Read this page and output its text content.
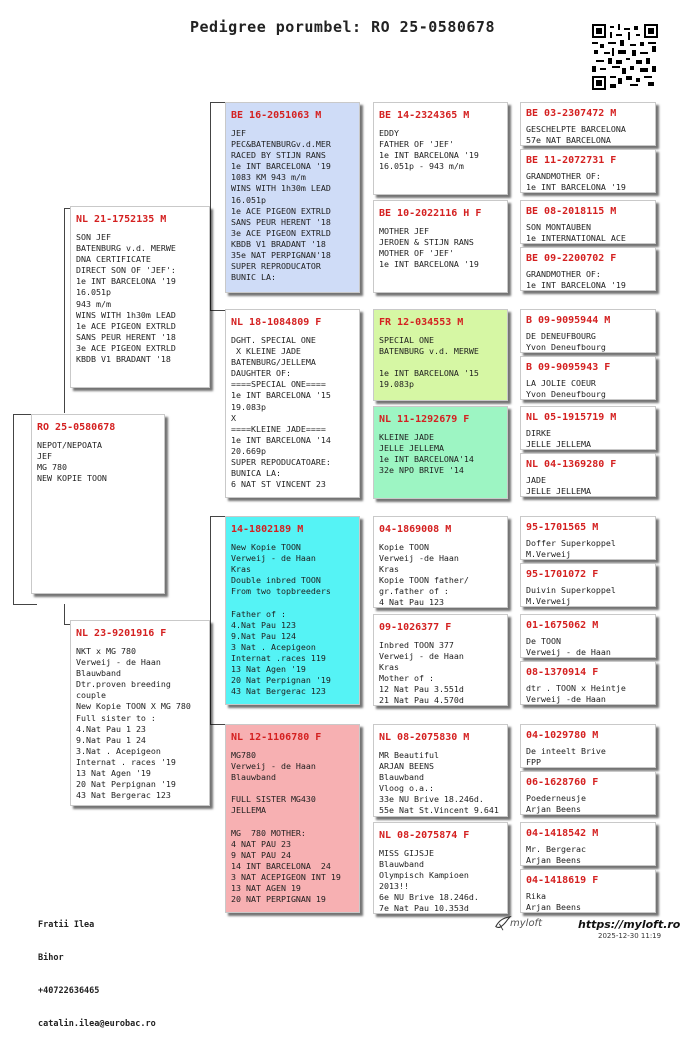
Pedigree porumbel: RO 25-0580678
RO 25-0580678
NEPOT/NEPOATA
JEF
MG 780
NEW KOPIE TOON
NL 21-1752135 M
SON JEF
BATENBURG v.d. MERWE
DNA CERTIFICATE
DIRECT SON OF 'JEF':
1e INT BARCELONA '19
16.051p
943 m/m
WINS WITH 1h30m LEAD
1e ACE PIGEON EXTRLD
SANS PEUR HERENT '18
3e ACE PIGEON EXTRLD
KBDB V1 BRADANT '18
NL 23-9201916 F
NKT x MG 780
Verweij - de Haan
Blauwband
Dtr.proven breeding
couple
New Kopie TOON X MG 780
Full sister to :
4.Nat Pau 1 23
9.Nat Pau 1 24
3.Nat . Acepigeon
Internat . races '19
13 Nat Agen '19
20 Nat Perpignan '19
43 Nat Bergerac 123
BE 16-2051063 M
JEF
PEC&BATENBURGv.d.MER
RACED BY STIJN RANS
1e INT BARCELONA '19
1083 KM 943 m/m
WINS WITH 1h30m LEAD
16.051p
1e ACE PIGEON EXTRLD
SANS PEUR HERENT '18
3e ACE PIGEON EXTRLD
KBDB V1 BRADANT '18
35e NAT PERPIGNAN'18
SUPER REPRODUCATOR
BUNIC LA:
NL 18-1084809 F
DGHT. SPECIAL ONE
X KLEINE JADE
BATENBURG/JELLEMA
DAUGHTER OF:
====SPECIAL ONE====
1e INT BARCELONA '15
19.083p
X
====KLEINE JADE====
1e INT BARCELONA '14
20.669p
SUPER REPODUCATOARE:
BUNICA LA:
6 NAT ST VINCENT 23
14-1802189 M
New Kopie TOON
Verweij - de Haan
Kras
Double inbred TOON
From two topbreeders

Father of :
4.Nat Pau 123
9.Nat Pau 124
3 Nat . Acepigeon
Internat .races 119
13 Nat Agen '19
20 Nat Perpignan '19
43 Nat Bergerac 123
NL 12-1106780 F
MG780
Verweij - de Haan
Blauwband

FULL SISTER MG430
JELLEMA

MG  780 MOTHER:
4 NAT PAU 23
9 NAT PAU 24
14 INT BARCELONA  24
3 NAT ACEPIGEON INT 19
13 NAT AGEN 19
20 NAT PERPIGNAN 19
BE 14-2324365 M
EDDY
FATHER OF 'JEF'
1e INT BARCELONA '19
16.051p - 943 m/m
BE 10-2022116 H F
MOTHER JEF
JEROEN & STIJN RANS
MOTHER OF 'JEF'
1e INT BARCELONA '19
FR 12-034553 M
SPECIAL ONE
BATENBURG v.d. MERWE

1e INT BARCELONA '15
19.083p
NL 11-1292679 F
KLEINE JADE
JELLE JELLEMA
1e INT BARCELONA'14
32e NPO BRIVE '14
04-1869008 M
Kopie TOON
Verweij -de Haan
Kras
Kopie TOON father/
gr.father of :
4 Nat Pau 123
09-1026377 F
Inbred TOON 377
Verweij - de Haan
Kras
Mother of :
12 Nat Pau 3.551d
21 Nat Pau 4.570d
NL 08-2075830 M
MR Beautiful
ARJAN BEENS
Blauwband
Vloog o.a.:
33e NU Brive 18.246d.
55e Nat St.Vincent 9.641
NL 08-2075874 F
MISS GIJSJE
Blauwband
Olympisch Kampioen
2013!!
6e NU Brive 18.246d.
7e Nat Pau 10.353d
BE 03-2307472 M
GESCHELPTE BARCELONA
57e NAT BARCELONA
BE 11-2072731 F
GRANDMOTHER OF:
1e INT BARCELONA '19
BE 08-2018115 M
SON MONTAUBEN
1e INTERNATIONAL ACE
BE 09-2200702 F
GRANDMOTHER OF:
1e INT BARCELONA '19
B 09-9095944 M
DE DENEUFBOURG
Yvon Deneufbourg
B 09-9095943 F
LA JOLIE COEUR
Yvon Deneufbourg
NL 05-1915719 M
DIRKE
JELLE JELLEMA
NL 04-1369280 F
JADE
JELLE JELLEMA
95-1701565 M
Doffer Superkoppel
M.Verweij
95-1701072 F
Duivin Superkoppel
M.Verweij
01-1675062 M
De TOON
Verweij - de Haan
08-1370914 F
dtr . TOON x Heintje
Verweij -de Haan
04-1029780 M
De inteelt Brive
FPP
06-1628760 F
Poederneusje
Arjan Beens
04-1418542 M
Mr. Bergerac
Arjan Beens
04-1418619 F
Rika
Arjan Beens

Fratii Ilea

Bihor

+40722636465

catalin.ilea@eurobac.ro

myloft	https://myloft.ro
2025-12-30 11:19
